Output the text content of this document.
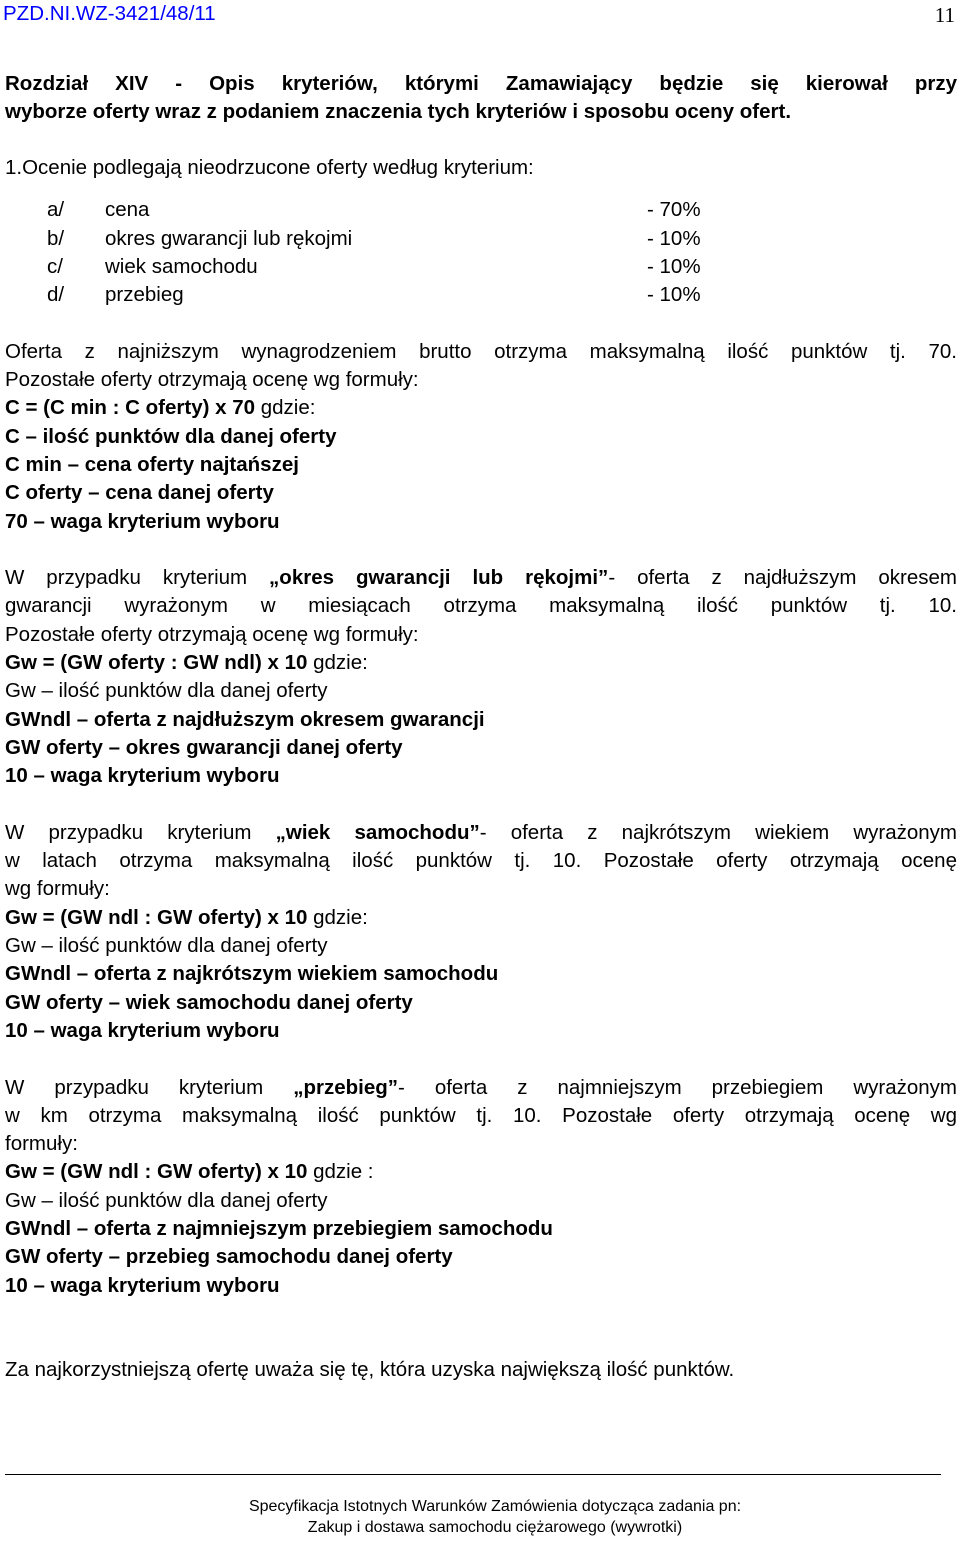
PZD.NI.WZ-3421/48/11	11
Rozdział XIV - Opis kryteriów, którymi Zamawiający będzie się kierował przy
wyborze oferty wraz z podaniem znaczenia tych kryteriów i sposobu oceny ofert.
1.Ocenie podlegają nieodrzucone oferty według kryterium:
a/ cena	- 70%
b/ okres gwarancji lub rękojmi	- 10%
c/ wiek samochodu	- 10%
d/ przebieg	- 10%
Oferta z najniższym wynagrodzeniem brutto otrzyma maksymalną ilość punktów tj. 70.
Pozostałe oferty otrzymają ocenę wg formuły:
C = (C min : C oferty) x 70 gdzie:
C – ilość punktów dla danej oferty
C min – cena oferty najtańszej
C oferty – cena danej oferty
70 – waga kryterium wyboru
W przypadku kryterium „okres gwarancji lub rękojmi”- oferta z najdłuższym okresem
gwarancji wyrażonym w miesiącach otrzyma maksymalną ilość punktów tj. 10.
Pozostałe oferty otrzymają ocenę wg formuły:
Gw = (GW oferty : GW ndl) x 10 gdzie:
Gw – ilość punktów dla danej oferty
GWndl – oferta z najdłuższym okresem gwarancji
GW oferty – okres gwarancji danej oferty
10 – waga kryterium wyboru
W przypadku kryterium „wiek samochodu”- oferta z najkrótszym wiekiem wyrażonym
w latach otrzyma maksymalną ilość punktów tj. 10. Pozostałe oferty otrzymają ocenę
wg formuły:
Gw = (GW ndl : GW oferty) x 10 gdzie:
Gw – ilość punktów dla danej oferty
GWndl – oferta z najkrótszym wiekiem samochodu
GW oferty – wiek samochodu danej oferty
10 – waga kryterium wyboru
W przypadku kryterium „przebieg”- oferta z najmniejszym przebiegiem wyrażonym
w km otrzyma maksymalną ilość punktów tj. 10. Pozostałe oferty otrzymają ocenę wg
formuły:
Gw = (GW ndl : GW oferty) x 10 gdzie :
Gw – ilość punktów dla danej oferty
GWndl – oferta z najmniejszym przebiegiem samochodu
GW oferty – przebieg samochodu danej oferty
10 – waga kryterium wyboru
Za najkorzystniejszą ofertę uważa się tę, która uzyska największą ilość punktów.
Specyfikacja Istotnych Warunków Zamówienia dotycząca zadania pn:
Zakup i dostawa samochodu ciężarowego (wywrotki)
